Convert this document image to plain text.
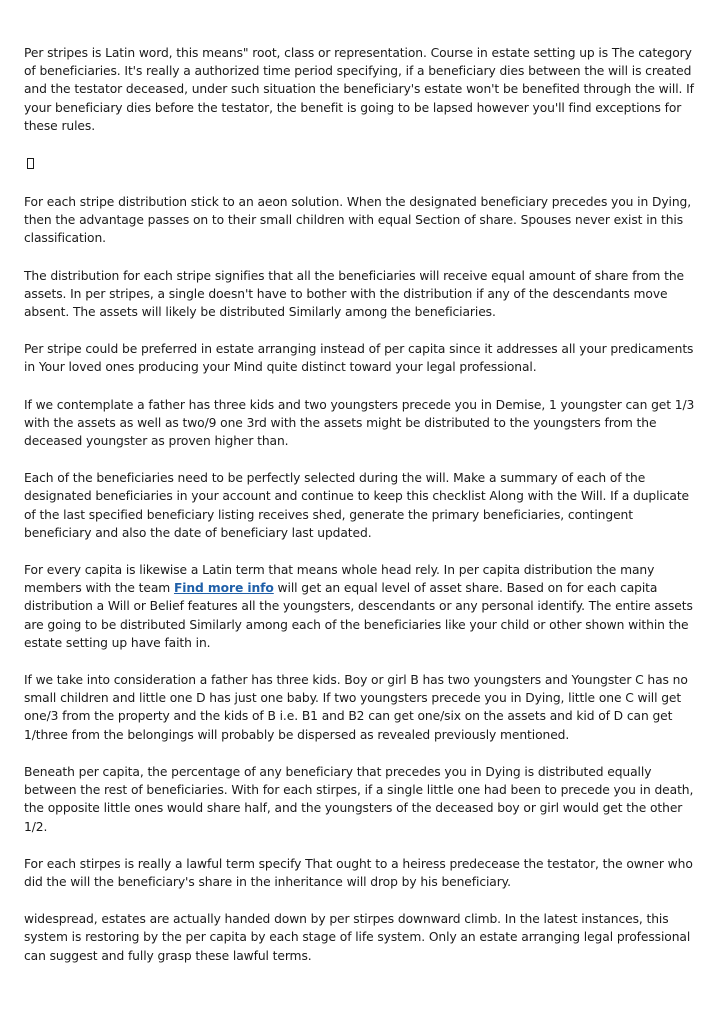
Per stripes is Latin word, this means" root, class or representation. Course in estate setting up is The category of beneficiaries. It's really a authorized time period specifying, if a beneficiary dies between the will is created and the testator deceased, under such situation the beneficiary's estate won't be benefited through the will. If your beneficiary dies before the testator, the benefit is going to be lapsed however you'll find exceptions for these rules.

For each stripe distribution stick to an aeon solution. When the designated beneficiary precedes you in Dying, then the advantage passes on to their small children with equal Section of share. Spouses never exist in this classification.

The distribution for each stripe signifies that all the beneficiaries will receive equal amount of share from the assets. In per stripes, a single doesn't have to bother with the distribution if any of the descendants move absent. The assets will likely be distributed Similarly among the beneficiaries.

Per stripe could be preferred in estate arranging instead of per capita since it addresses all your predicaments in Your loved ones producing your Mind quite distinct toward your legal professional.

If we contemplate a father has three kids and two youngsters precede you in Demise, 1 youngster can get 1/3 with the assets as well as two/9 one 3rd with the assets might be distributed to the youngsters from the deceased youngster as proven higher than.

Each of the beneficiaries need to be perfectly selected during the will. Make a summary of each of the designated beneficiaries in your account and continue to keep this checklist Along with the Will. If a duplicate of the last specified beneficiary listing receives shed, generate the primary beneficiaries, contingent beneficiary and also the date of beneficiary last updated.

For every capita is likewise a Latin term that means whole head rely. In per capita distribution the many members with the team Find more info will get an equal level of asset share. Based on for each capita distribution a Will or Belief features all the youngsters, descendants or any personal identify. The entire assets are going to be distributed Similarly among each of the beneficiaries like your child or other shown within the estate setting up have faith in.

If we take into consideration a father has three kids. Boy or girl B has two youngsters and Youngster C has no small children and little one D has just one baby. If two youngsters precede you in Dying, little one C will get one/3 from the property and the kids of B i.e. B1 and B2 can get one/six on the assets and kid of D can get 1/three from the belongings will probably be dispersed as revealed previously mentioned.

Beneath per capita, the percentage of any beneficiary that precedes you in Dying is distributed equally between the rest of beneficiaries. With for each stirpes, if a single little one had been to precede you in death, the opposite little ones would share half, and the youngsters of the deceased boy or girl would get the other 1/2.

For each stirpes is really a lawful term specify That ought to a heiress predecease the testator, the owner who did the will the beneficiary's share in the inheritance will drop by his beneficiary.

widespread, estates are actually handed down by per stirpes downward climb. In the latest instances, this system is restoring by the per capita by each stage of life system. Only an estate arranging legal professional can suggest and fully grasp these lawful terms.
